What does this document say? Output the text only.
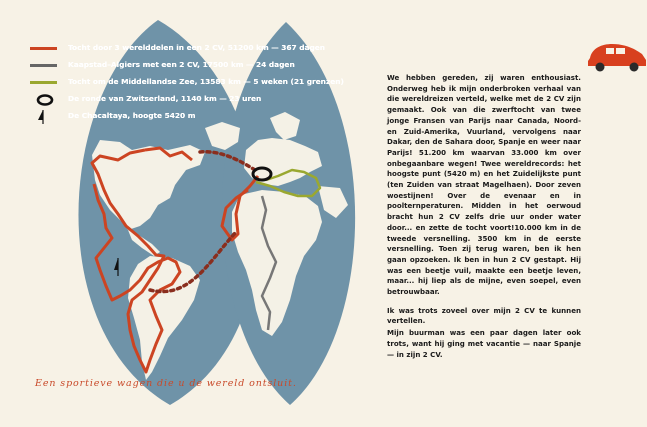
Tocht door 3 werelddelen in een 2 CV, 51200 km — 367 dagen
Kaapstad–Algiers met een 2 CV, 17500 km — 24 dagen
Tocht om de Middellandse Zee, 13583 km — 5 weken (21 grenzen)
De ronde van Zwitserland, 1140 km — 23 uren
De Chacaltaya, hoogte 5420 m
Een sportieve wagen die u de wereld ontsluit.

We hebben gereden, zij waren enthousiast. Onderweg heb ik mijn onderbroken verhaal van die wereldreizen verteld, welke met de 2 CV zijn gemaakt. Ook van die zwerftocht van twee jonge Fransen van Parijs naar Canada, Noord- en Zuid-Amerika, Vuurland, vervolgens naar Dakar, den de Sahara door, Spanje en weer naar Parijs! 51.200 km waarvan 33.000 km over onbegaanbare wegen! Twee wereldrecords: het hoogste punt (5420 m) en het Zuidelijkste punt (ten Zuiden van straat Magelhaen). Door zeven woestijnen! Over de evenaar en in poolternperaturen. Midden in het oerwoud bracht hun 2 CV zelfs drie uur onder water door... en zette de tocht voort!10.000 km in de tweede versnelling. 3500 km in de eerste versnelling. Toen zij terug waren, ben ik hen gaan opzoeken. Ik ben in hun 2 CV gestapt. Hij was een beetje vuil, maakte een beetje leven, maar... hij liep als de mijne, even soepel, even betrouwbaar.

Ik was trots zoveel over mijn 2 CV te kunnen vertellen.

Mijn buurman was een paar dagen later ook trots, want hij ging met vacantie — naar Spanje — in zijn 2 CV.
